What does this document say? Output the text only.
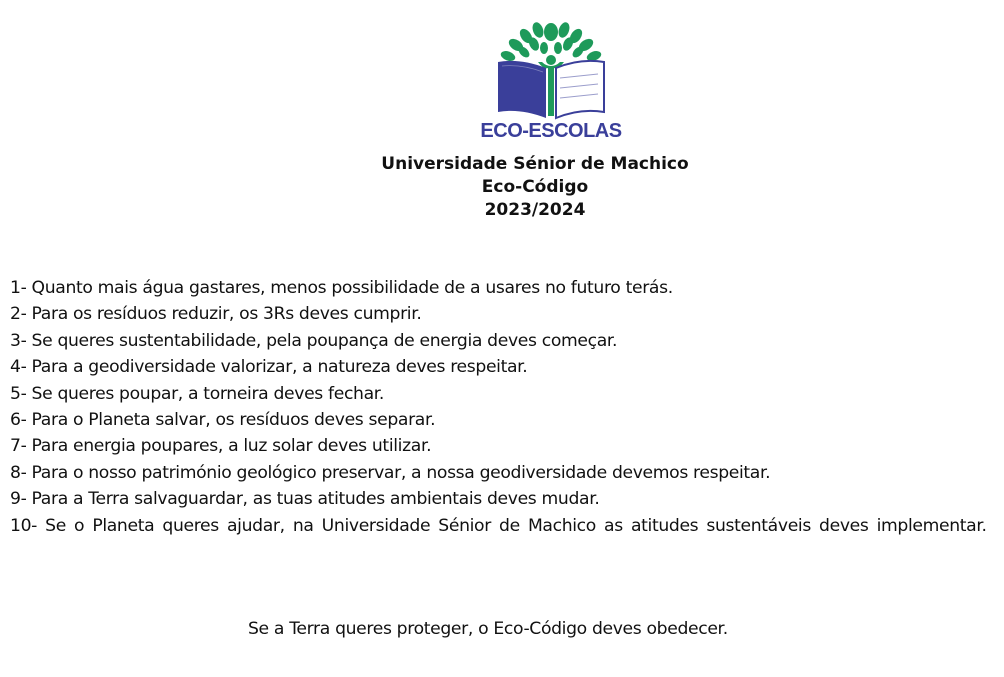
ECO-ESCOLAS
Universidade Sénior de Machico
Eco-Código
2023/2024
1- Quanto mais água gastares, menos possibilidade de a usares no futuro terás.
2- Para os resíduos reduzir, os 3Rs deves cumprir.
3- Se queres sustentabilidade, pela poupança de energia deves começar.
4- Para a geodiversidade valorizar, a natureza deves respeitar.
5- Se queres poupar, a torneira deves fechar.
6- Para o Planeta salvar, os resíduos deves separar.
7- Para energia poupares, a luz solar deves utilizar.
8- Para o nosso património geológico preservar, a nossa geodiversidade devemos respeitar.
9- Para a Terra salvaguardar, as tuas atitudes ambientais deves mudar.
10- Se o Planeta queres ajudar, na Universidade Sénior de Machico as atitudes sustentáveis deves implementar.
Se a Terra queres proteger, o Eco-Código deves obedecer.
